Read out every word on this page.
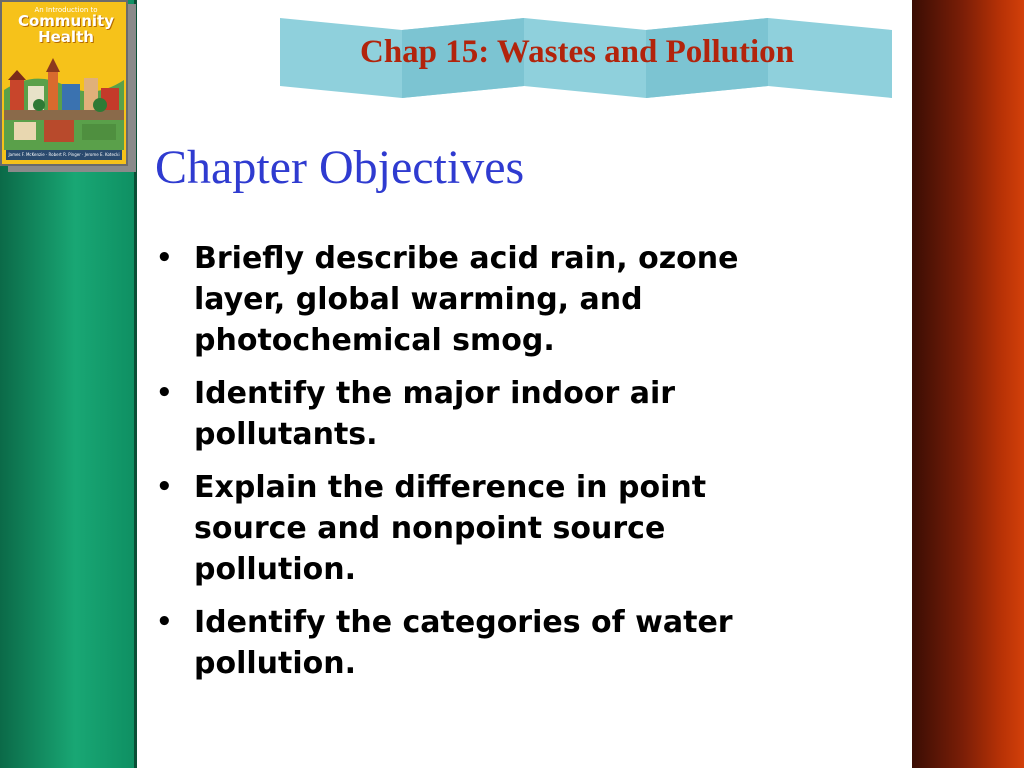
An Introduction to
Community
Health
James F. McKenzie · Robert R. Pinger · Jerome E. Kotecki
Chap 15: Wastes and Pollution
Chapter Objectives
• Briefly describe acid rain, ozone layer, global warming, and photochemical smog.
• Identify the major indoor air pollutants.
• Explain the difference in point source and nonpoint source pollution.
• Identify the categories of water pollution.
